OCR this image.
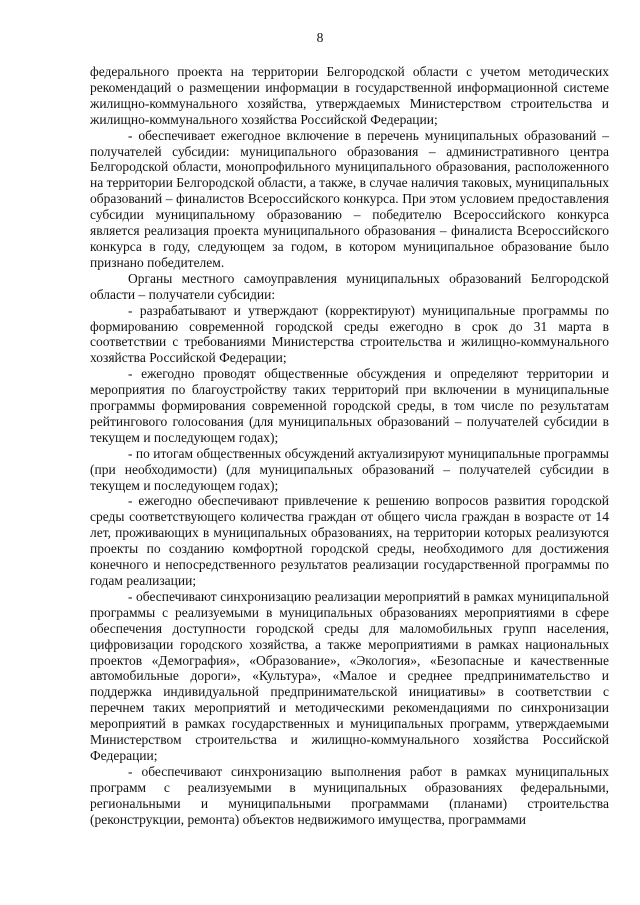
8

федерального проекта на территории Белгородской области с учетом методических рекомендаций о размещении информации в государственной информационной системе жилищно-коммунального хозяйства, утверждаемых Министерством строительства и жилищно-коммунального хозяйства Российской Федерации;

- обеспечивает ежегодное включение в перечень муниципальных образований – получателей субсидии: муниципального образования – административного центра Белгородской области, монопрофильного муниципального образования, расположенного на территории Белгородской области, а также, в случае наличия таковых, муниципальных образований – финалистов Всероссийского конкурса. При этом условием предоставления субсидии муниципальному образованию – победителю Всероссийского конкурса является реализация проекта муниципального образования – финалиста Всероссийского конкурса в году, следующем за годом, в котором муниципальное образование было признано победителем.

Органы местного самоуправления муниципальных образований Белгородской области – получатели субсидии:

- разрабатывают и утверждают (корректируют) муниципальные программы по формированию современной городской среды ежегодно в срок до 31 марта в соответствии с требованиями Министерства строительства и жилищно-коммунального хозяйства Российской Федерации;

- ежегодно проводят общественные обсуждения и определяют территории и мероприятия по благоустройству таких территорий при включении в муниципальные программы формирования современной городской среды, в том числе по результатам рейтингового голосования (для муниципальных образований – получателей субсидии в текущем и последующем годах);

- по итогам общественных обсуждений актуализируют муниципальные программы (при необходимости) (для муниципальных образований – получателей субсидии в текущем и последующем годах);

- ежегодно обеспечивают привлечение к решению вопросов развития городской среды соответствующего количества граждан от общего числа граждан в возрасте от 14 лет, проживающих в муниципальных образованиях, на территории которых реализуются проекты по созданию комфортной городской среды, необходимого для достижения конечного и непосредственного результатов реализации государственной программы по годам реализации;

- обеспечивают синхронизацию реализации мероприятий в рамках муниципальной программы с реализуемыми в муниципальных образованиях мероприятиями в сфере обеспечения доступности городской среды для маломобильных групп населения, цифровизации городского хозяйства, а также мероприятиями в рамках национальных проектов «Демография», «Образование», «Экология», «Безопасные и качественные автомобильные дороги», «Культура», «Малое и среднее предпринимательство и поддержка индивидуальной предпринимательской инициативы» в соответствии с перечнем таких мероприятий и методическими рекомендациями по синхронизации мероприятий в рамках государственных и муниципальных программ, утверждаемыми Министерством строительства и жилищно-коммунального хозяйства Российской Федерации;

- обеспечивают синхронизацию выполнения работ в рамках муниципальных программ с реализуемыми в муниципальных образованиях федеральными, региональными и муниципальными программами (планами) строительства (реконструкции, ремонта) объектов недвижимого имущества, программами
